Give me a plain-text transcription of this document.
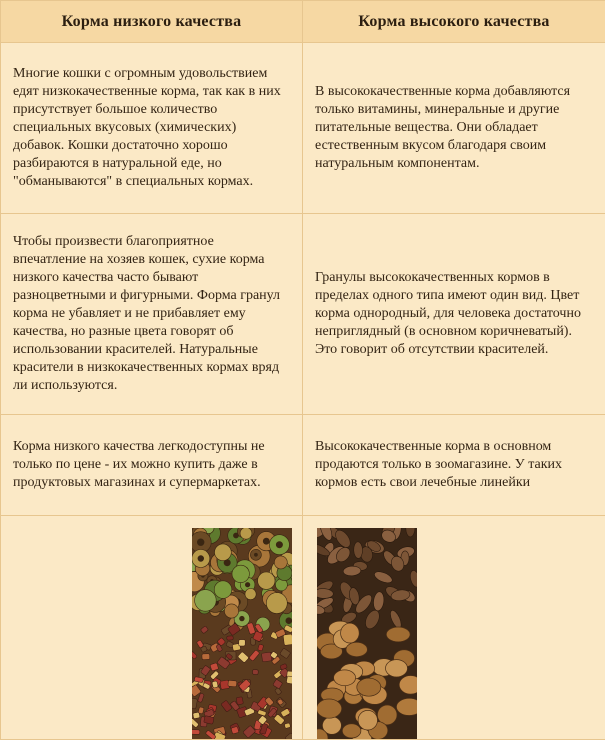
Корма низкого качества	Корма высокого качества
Многие кошки с огромным удовольствием едят низкокачественные корма, так как в них присутствует большое количество специальных вкусовых (химических) добавок. Кошки достаточно хорошо разбираются в натуральной еде, но "обманываются" в специальных кормах.	В высококачественные корма добавляются только витамины, минеральные и другие питательные вещества. Они обладает естественным вкусом благодаря своим натуральным компонентам.
Чтобы произвести благоприятное впечатление на хозяев кошек, сухие корма низкого качества часто бывают разноцветными и фигурными. Форма гранул корма не убавляет и не прибавляет ему качества, но разные цвета говорят об использовании красителей. Натуральные красители в низкокачественных кормах вряд ли используются.	Гранулы высококачественных кормов в пределах одного типа имеют один вид. Цвет корма однородный, для человека достаточно неприглядный (в основном коричневатый). Это говорит об отсутствии красителей.
Корма низкого качества легкодоступны не только по цене - их можно купить даже в продуктовых магазинах и супермаркетах.	Высококачественные корма в основном продаются только в зоомагазине. У таких кормов есть свои лечебные линейки
